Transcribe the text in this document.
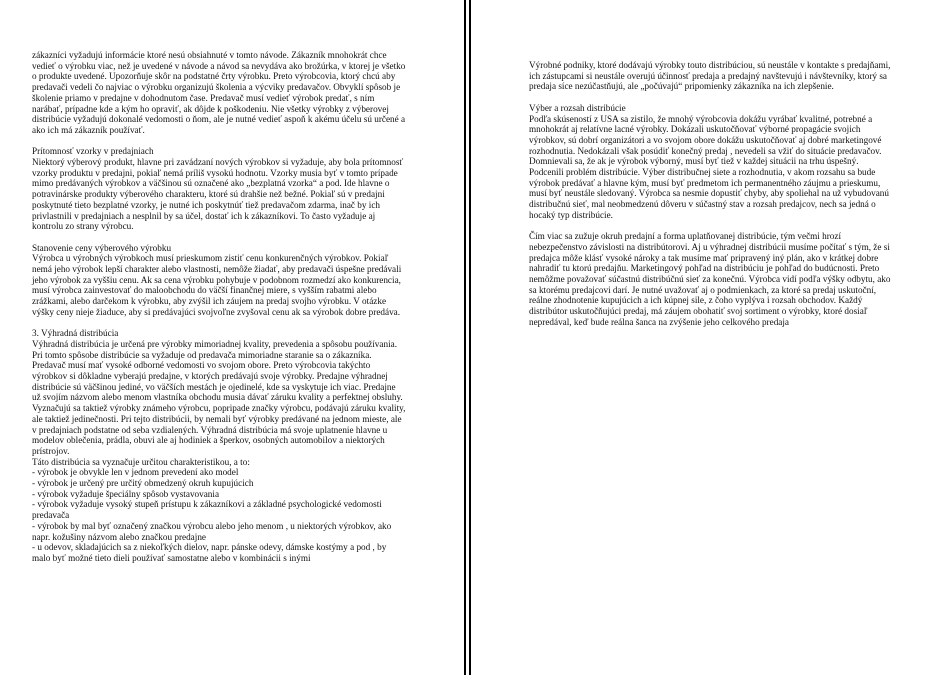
zákazníci vyžadujú informácie ktoré nesú obsiahnuté v tomto návode. Zákazník mnohokrát chce vedieť o výrobku viac, než je uvedené v návode a návod sa nevydáva ako brožúrka, v ktorej je všetko o produkte uvedené. Upozorňuje skôr na podstatné črty výrobku. Preto výrobcovia, ktorý chcú aby predavači vedeli čo najviac o výrobku organizujú školenia a výcviky predavačov. Obvyklí spôsob je školenie priamo v predajne v dohodnutom čase. Predavač musí vedieť výrobok predať, s ním narábať, prípadne kde a kým ho opraviť, ak dôjde k poškodeniu. Nie všetky výrobky z výberovej distribúcie vyžadujú dokonalé vedomosti o ňom, ale je nutné vedieť aspoň k akému účelu sú určené a ako ich má zákazník používať.

Prítomnosť vzorky v predajniach

Niektorý výberový produkt, hlavne pri zavádzaní nových výrobkov si vyžaduje, aby bola prítomnosť vzorky produktu v predajni, pokiaľ nemá príliš vysokú hodnotu. Vzorky musia byť v tomto prípade mimo predávaných výrobkov a väčšinou sú označené ako „bezplatná vzorka“ a pod. Ide hlavne o potravinárske produkty výberového charakteru, ktoré sú drahšie než bežné. Pokiaľ sú v predajni poskytnuté tieto bezplatné vzorky, je nutné ich poskytnúť tiež predavačom zdarma, inač by ich privlastnili v predajniach a nesplnil by sa účel, dostať ich k zákazníkovi. To často vyžaduje aj kontrolu zo strany výrobcu.

Stanovenie ceny výberového výrobku

Výrobca u výrobných výrobkoch musí prieskumom zistiť cenu konkurenčných výrobkov. Pokiaľ nemá jeho výrobok lepší charakter alebo vlastnosti, nemôže žiadať, aby predavači úspešne predávali jeho výrobok za vyššiu cenu. Ak sa cena výrobku pohybuje v podobnom rozmedzí ako konkurencia, musí výrobca zainvestovať do maloobchodu do väčší finančnej miere, s vyšším rabatmi alebo zrážkami, alebo darčekom k výrobku, aby zvýšil ich záujem na predaj svojho výrobku. V otázke výšky ceny nieje žiaduce, aby si predávajúci svojvoľne zvyšoval cenu ak sa výrobok dobre predáva.

3. Výhradná distribúcia

Výhradná distribúcia je určená pre výrobky mimoriadnej kvality, prevedenia a spôsobu používania. Pri tomto spôsobe distribúcie sa vyžaduje od predavača mimoriadne staranie sa o zákazníka. Predavač musí mať vysoké odborné vedomosti vo svojom obore. Preto výrobcovia takýchto výrobkov si dôkladne vyberajú predajne, v ktorých predávajú svoje výrobky. Predajne výhradnej distribúcie sú väčšinou jediné, vo väčších mestách je ojedinelé, kde sa vyskytuje ich viac. Predajne už svojím názvom alebo menom vlastníka obchodu musia dávať záruku kvality a perfektnej obsluhy. Vyznačujú sa taktiež výrobky známeho výrobcu, popripade značky výrobcu, podávajú záruku kvality, ale taktiež jedinečnosti. Pri tejto distribúcii, by nemali byť výrobky predávané na jednom mieste, ale v predajniach podstatne od seba vzdialených. Výhradná distribúcia má svoje uplatnenie hlavne u modelov oblečenia, prádla, obuvi ale aj hodiniek a šperkov, osobných automobilov a niektorých prístrojov.

Táto distribúcia sa vyznačuje určitou charakteristikou, a to:

- výrobok je obvykle len v jednom prevedení ako model
- výrobok je určený pre určitý obmedzený okruh kupujúcich
- výrobok vyžaduje špeciálny spôsob vystavovania
- výrobok vyžaduje vysoký stupeň prístupu k zákazníkovi a základné psychologické vedomosti predavača
- výrobok by mal byť označený značkou výrobcu alebo jeho menom , u niektorých výrobkov, ako napr. kožušiny názvom alebo značkou predajne
- u odevov, skladajúcich sa z niekoľkých dielov, napr. pánske odevy, dámske kostýmy a pod , by malo byť možné tieto dieli používať samostatne alebo v kombinácii s inými

Výrobné podniky, ktoré dodávajú výrobky touto distribúciou, sú neustále v kontakte s predajňami, ich zástupcami si neustále overujú účinnosť predaja a predajný navštevujú i návštevníky, ktorý sa predaja síce nezúčastňujú, ale „počúvajú“ pripomienky zákazníka na ich zlepšenie.

Výber a rozsah distribúcie

Podľa skúseností z USA sa zistilo, že mnohý výrobcovia dokážu vyrábať kvalitné, potrebné a mnohokrát aj relatívne lacné výrobky. Dokázali uskutočňovať výborné propagácie svojich výrobkov, sú dobrí organizátori a vo svojom obore dokážu uskutočňovať aj dobré marketingové rozhodnutia. Nedokázali však posúdiť konečný predaj , nevedeli sa vžiť do situácie predavačov. Domnievali sa, že ak je výrobok výborný, musí byť tiež v každej situácii na trhu úspešný. Podcenili problém distribúcie. Výber distribučnej siete a rozhodnutia, v akom rozsahu sa bude výrobok predávať a hlavne kým, musí byť predmetom ich permanentného záujmu a prieskumu, musí byť neustále sledovaný. Výrobca sa nesmie dopustiť chyby, aby spoliehal na už vybudovanú distribučnú sieť, mal neobmedzenú dôveru v súčastný stav a rozsah predajcov, nech sa jedná o hocaký typ distribúcie.

Čím viac sa zužuje okruh predajní a forma uplatňovanej distribúcie, tým večmi hrozí nebezpečenstvo závislosti na distribútorovi. Aj u výhradnej distribúcii musíme počítať s tým, že si predajca môže klásť vysoké nároky a tak musíme mať pripravený iný plán, ako v krátkej dobre nahradiť tu ktorú predajňu. Marketingový pohľad na distribúciu je pohľad do budúcnosti. Preto nemôžme považovať súčastnú distribúčnú sieť za konečnú. Výrobca vidí podľa výšky odbytu, ako sa ktorému predajcovi darí. Je nutné uvažovať aj o podmienkach, za ktoré sa predaj uskutoční, reálne zhodnotenie kupujúcich a ich kúpnej sile, z čoho vyplýva i rozsah obchodov. Každý distribútor uskutočňujúci predaj, má záujem obohatiť svoj sortiment o výrobky, ktoré dosiaľ nepredával, keď bude reálna šanca na zvýšenie jeho celkového predaja
